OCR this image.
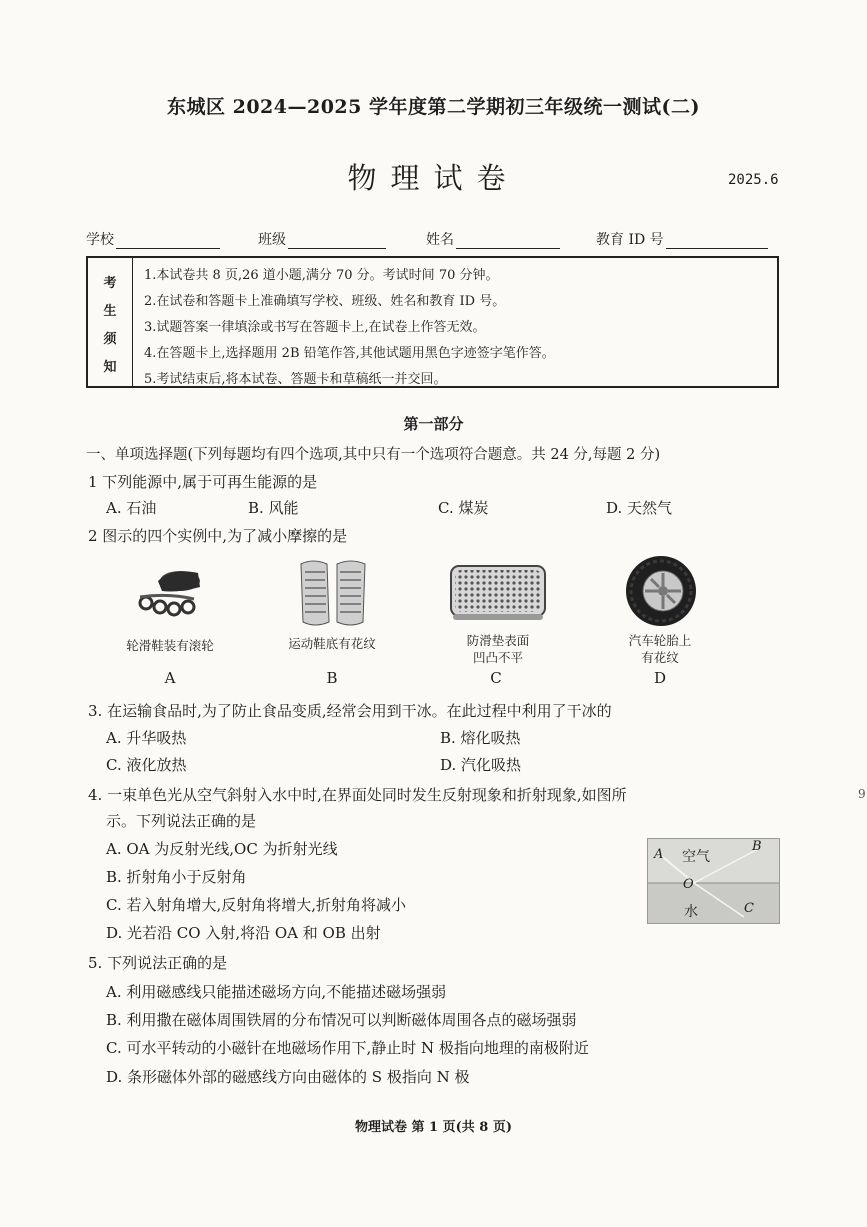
东城区 2024—2025 学年度第二学期初三年级统一测试(二)
物理试卷	2025.6
学校	班级	姓名	教育 ID 号
考
生
须
知
1.本试卷共 8 页,26 道小题,满分 70 分。考试时间 70 分钟。
2.在试卷和答题卡上准确填写学校、班级、姓名和教育 ID 号。
3.试题答案一律填涂或书写在答题卡上,在试卷上作答无效。
4.在答题卡上,选择题用 2B 铅笔作答,其他试题用黑色字迹签字笔作答。
5.考试结束后,将本试卷、答题卡和草稿纸一并交回。
第一部分
一、单项选择题(下列每题均有四个选项,其中只有一个选项符合题意。共 24 分,每题 2 分)
1 下列能源中,属于可再生能源的是
A. 石油	B. 风能	C. 煤炭	D. 天然气
2 图示的四个实例中,为了减小摩擦的是
轮滑鞋装有滚轮
A
运动鞋底有花纹
B
防滑垫表面
凹凸不平
C
汽车轮胎上
有花纹
D
3. 在运输食品时,为了防止食品变质,经常会用到干冰。在此过程中利用了干冰的
A. 升华吸热	B. 熔化吸热
C. 液化放热	D. 汽化吸热
4. 一束单色光从空气斜射入水中时,在界面处同时发生反射现象和折射现象,如图所
示。下列说法正确的是
A. OA 为反射光线,OC 为折射光线
B. 折射角小于反射角
C. 若入射角增大,反射角将增大,折射角将减小
D. 光若沿 CO 入射,将沿 OA 和 OB 出射
A 空气
B
O
水	C
5. 下列说法正确的是
A. 利用磁感线只能描述磁场方向,不能描述磁场强弱
B. 利用撒在磁体周围铁屑的分布情况可以判断磁体周围各点的磁场强弱
C. 可水平转动的小磁针在地磁场作用下,静止时 N 极指向地理的南极附近
D. 条形磁体外部的磁感线方向由磁体的 S 极指向 N 极
9
物理试卷 第 1 页(共 8 页)
